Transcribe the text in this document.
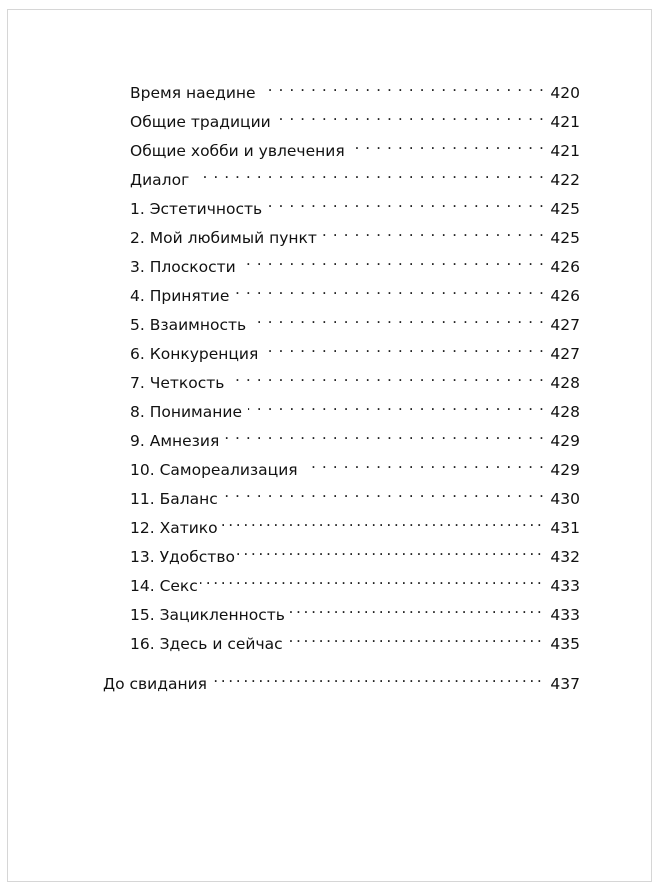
Время наедине . . .	420
Общие традиции . . .	421
Общие хобби и увлечения . . .	421
Диалог . . .	422
1. Эстетичность . . .	425
2. Мой любимый пункт . . .	425
3. Плоскости . . .	426
4. Принятие . . .	426
5. Взаимность . . .	427
6. Конкуренция . . .	427
7. Четкость . . .	428
8. Понимание . . .	428
9. Амнезия . . .	429
10. Самореализация . . .	429
11. Баланс . . .	430
12. Хатико .....	431
13. Удобство .....	432
14. Секс .....	433
15. Зацикленность .....	433
16. Здесь и сейчас .....	435
До свидания .....	437
